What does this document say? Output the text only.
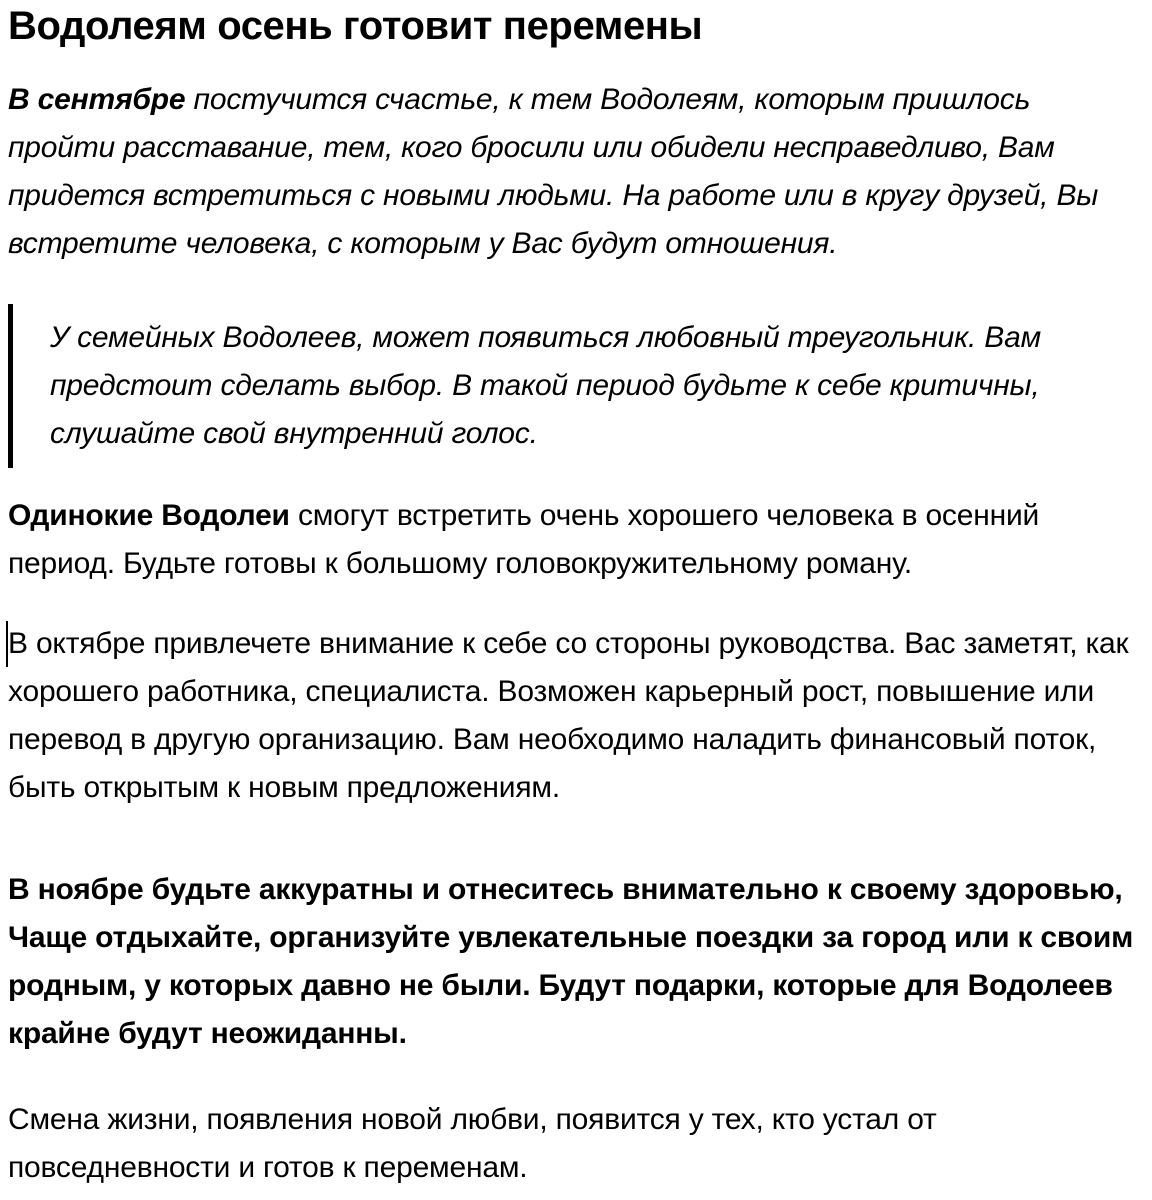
Водолеям осень готовит перемены

В сентябре постучится счастье, к тем Водолеям, которым пришлось пройти расставание, тем, кого бросили или обидели несправедливо, Вам придется встретиться с новыми людьми. На работе или в кругу друзей, Вы встретите человека, с которым у Вас будут отношения.

У семейных Водолеев, может появиться любовный треугольник. Вам предстоит сделать выбор. В такой период будьте к себе критичны, слушайте свой внутренний голос.

Одинокие Водолеи смогут встретить очень хорошего человека в осенний период. Будьте готовы к большому головокружительному роману.

В октябре привлечете внимание к себе со стороны руководства. Вас заметят, как хорошего работника, специалиста. Возможен карьерный рост, повышение или перевод в другую организацию. Вам необходимо наладить финансовый поток, быть открытым к новым предложениям.

В ноябре будьте аккуратны и отнеситесь внимательно к своему здоровью, Чаще отдыхайте, организуйте увлекательные поездки за город или к своим родным, у которых давно не были. Будут подарки, которые для Водолеев крайне будут неожиданны.

Смена жизни, появления новой любви, появится у тех, кто устал от повседневности и готов к переменам.
